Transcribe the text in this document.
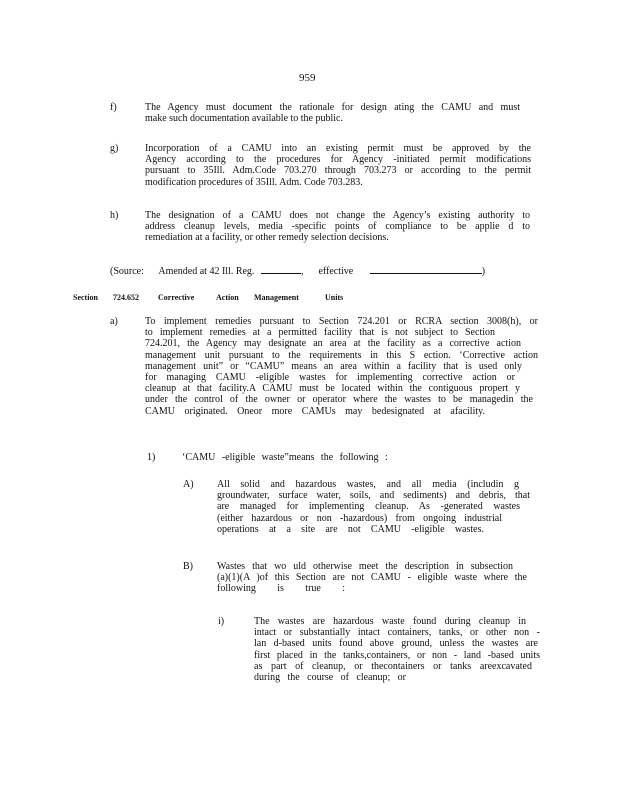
959
f)	The Agency must document the rationale for design ating the CAMU and must
make such documentation available to the public.
g)	Incorporation of a CAMU into an existing permit must be approved by the
Agency according to the procedures for Agency -initiated permit modifications
pursuant to 35Ill. Adm.Code 703.270 through 703.273 or according to the permit
modification procedures of 35Ill. Adm. Code 703.283.
h)	The designation of a CAMU does not change the Agency’s existing authority to
address cleanup levels, media -specific points of compliance to be applie d to
remediation at a facility, or other remedy selection decisions.
(Source: Amended at 42 Ill. Reg.	, effective	)
Section 724.652 Corrective	Action Management	Units
a)	To implement remedies pursuant to Section 724.201 or RCRA section 3008(h), or
to implement remedies at a permitted facility that is not subject to Section
724.201, the Agency may designate an area at the facility as a corrective action
management unit pursuant to the requirements in this S ection. ‘Corrective action
management unit” or “CAMU” means an area within a facility that is used only
for managing CAMU -eligible wastes for implementing corrective action or
cleanup at that facility.A CAMU must be located within the contiguous propert y
under the control of the owner or operator where the wastes to be managedin the
CAMU originated. Oneor more CAMUs may bedesignated at afacility.
1)	‘CAMU -eligible waste”means the following :
A) All solid and hazardous wastes, and all media (includin g
groundwater, surface water, soils, and sediments) and debris, that
are managed for implementing cleanup. As -generated wastes
(either hazardous or non -hazardous) from ongoing industrial
operations at a site are not CAMU -eligible wastes.
B) Wastes that wo uld otherwise meet the description in subsection
(a)(1)(A )of this Section are not CAMU - eligible waste where the
following is true :
i)	The wastes are hazardous waste found during cleanup in
intact or substantially intact containers, tanks, or other non -
lan d-based units found above ground, unless the wastes are
first placed in the tanks,containers, or non - land -based units
as part of cleanup, or thecontainers or tanks areexcavated
during the course of cleanup; or
